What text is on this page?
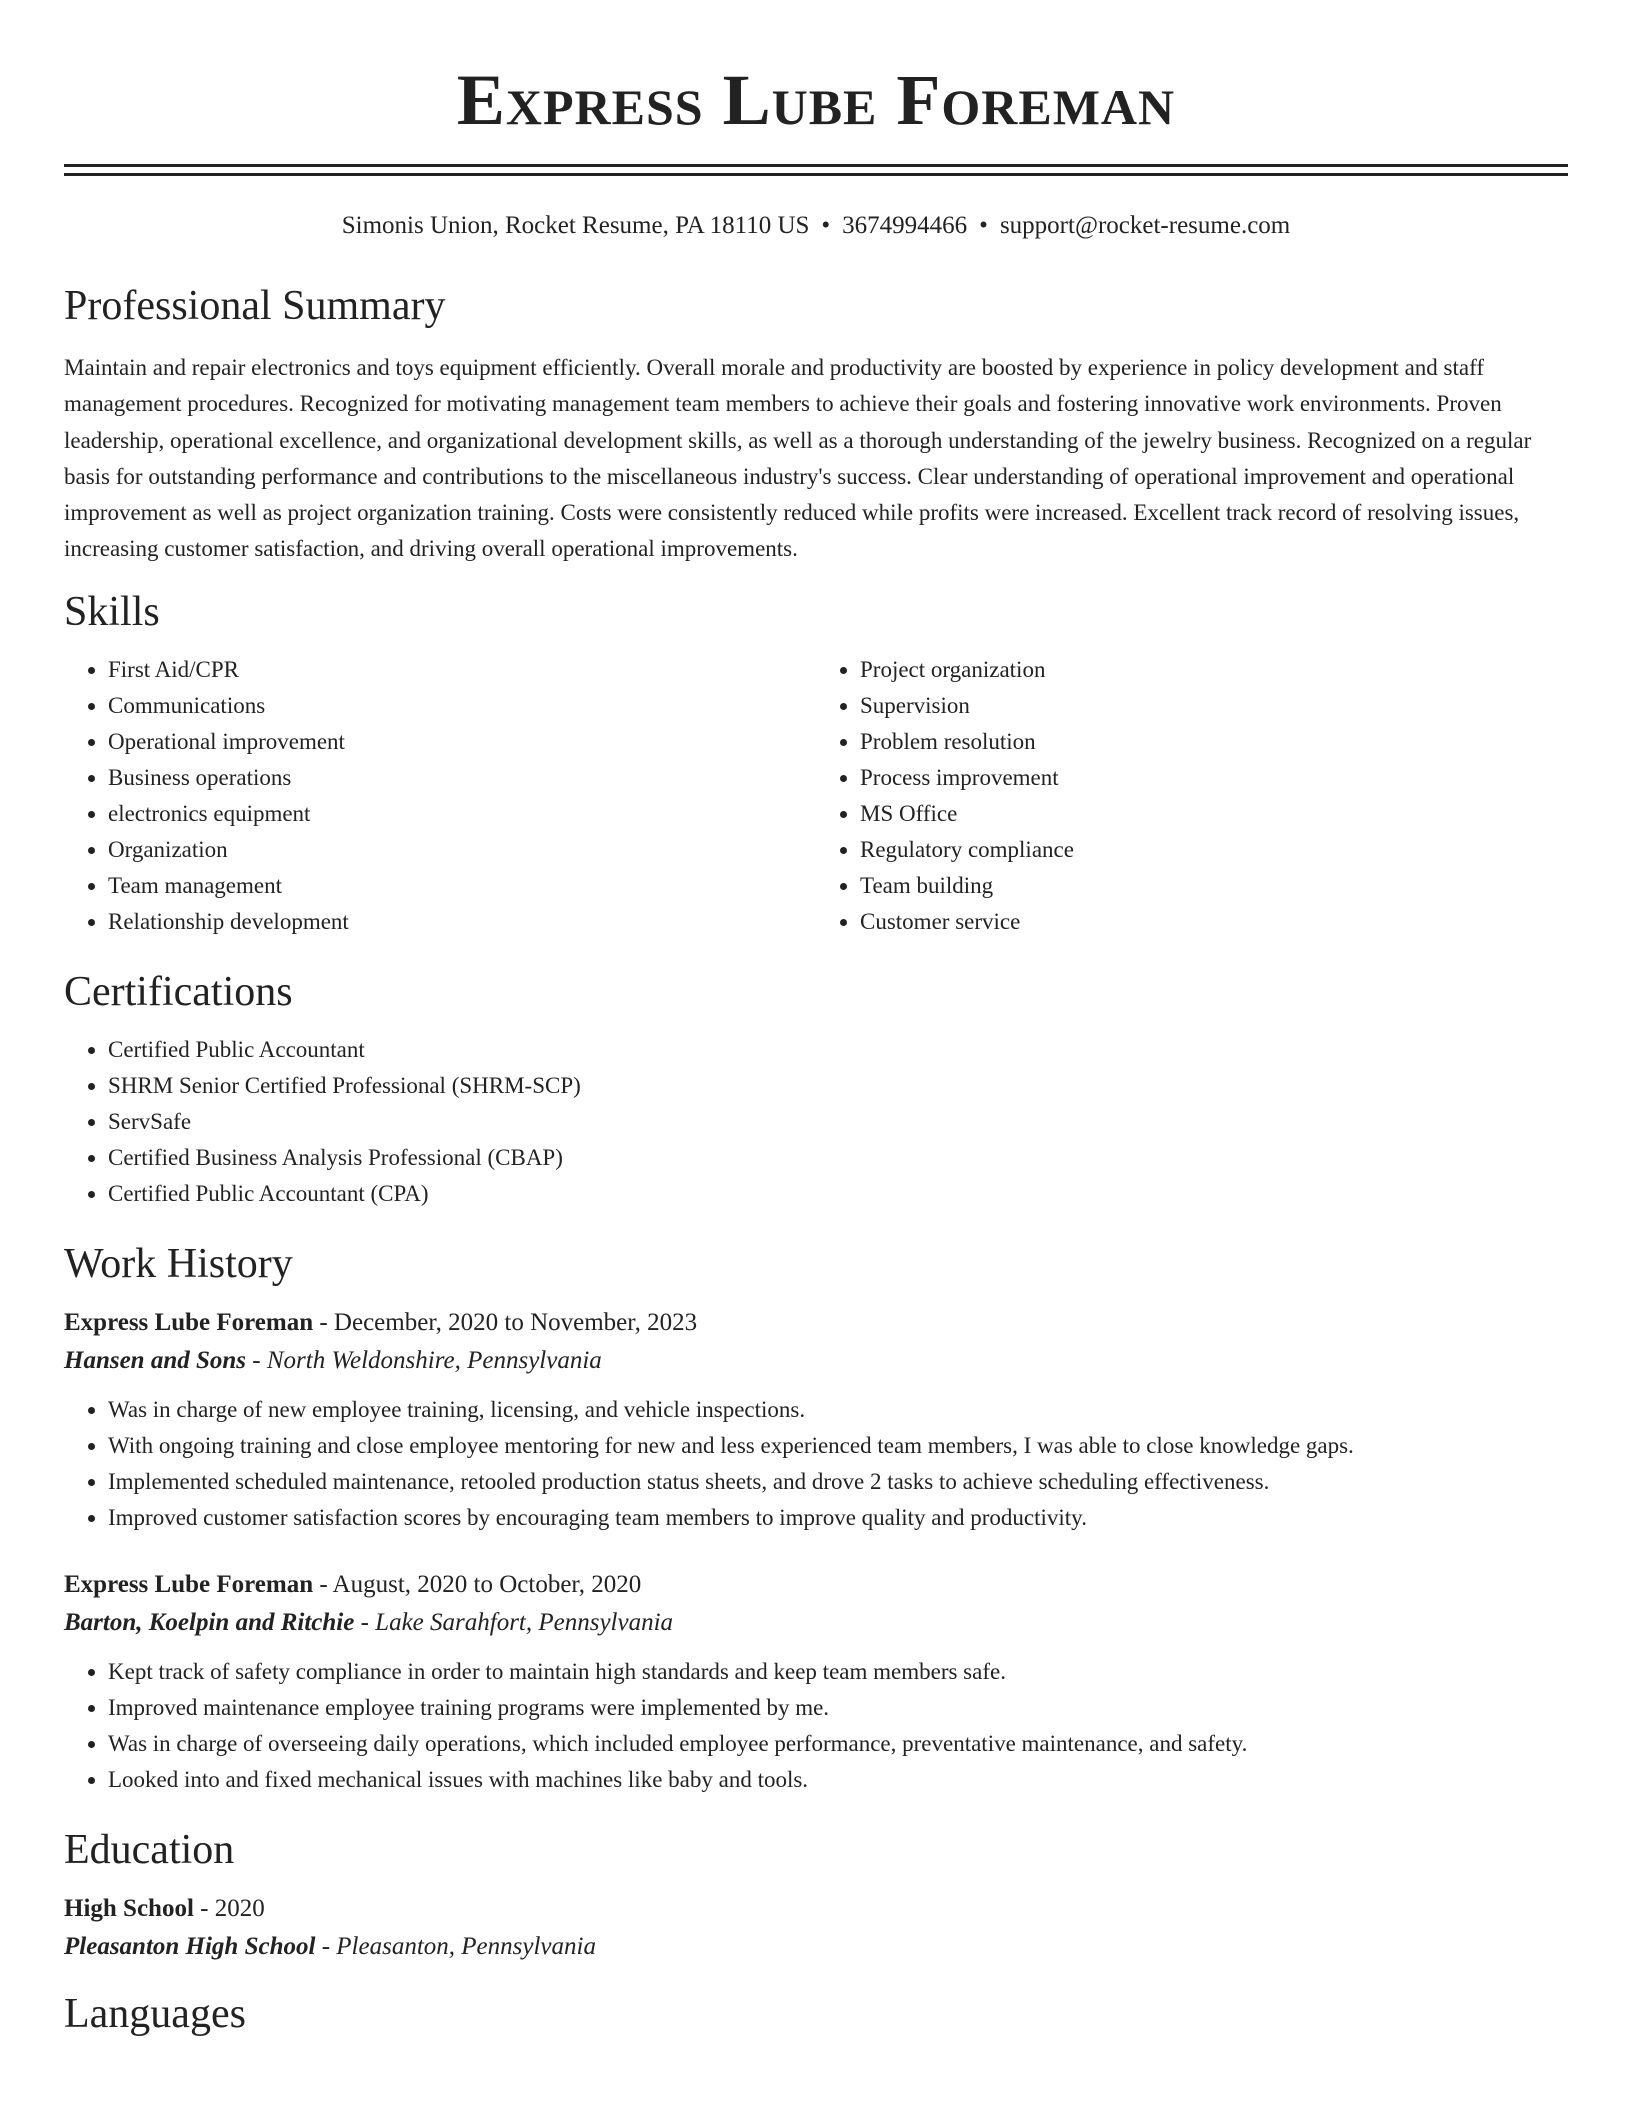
Express Lube Foreman
Simonis Union, Rocket Resume, PA 18110 US • 3674994466 • support@rocket-resume.com
Professional Summary

Maintain and repair electronics and toys equipment efficiently. Overall morale and productivity are boosted by experience in policy development and staff management procedures. Recognized for motivating management team members to achieve their goals and fostering innovative work environments. Proven leadership, operational excellence, and organizational development skills, as well as a thorough understanding of the jewelry business. Recognized on a regular basis for outstanding performance and contributions to the miscellaneous industry's success. Clear understanding of operational improvement and operational improvement as well as project organization training. Costs were consistently reduced while profits were increased. Excellent track record of resolving issues, increasing customer satisfaction, and driving overall operational improvements.

Skills
• First Aid/CPR
• Communications
• Operational improvement
• Business operations
• electronics equipment
• Organization
• Team management
• Relationship development
• Project organization
• Supervision
• Problem resolution
• Process improvement
• MS Office
• Regulatory compliance
• Team building
• Customer service
Certifications
• Certified Public Accountant
• SHRM Senior Certified Professional (SHRM-SCP)
• ServSafe
• Certified Business Analysis Professional (CBAP)
• Certified Public Accountant (CPA)
Work History
Express Lube Foreman - December, 2020 to November, 2023
Hansen and Sons - North Weldonshire, Pennsylvania
• Was in charge of new employee training, licensing, and vehicle inspections.
• With ongoing training and close employee mentoring for new and less experienced team members, I was able to close knowledge gaps.
• Implemented scheduled maintenance, retooled production status sheets, and drove 2 tasks to achieve scheduling effectiveness.
• Improved customer satisfaction scores by encouraging team members to improve quality and productivity.
Express Lube Foreman - August, 2020 to October, 2020
Barton, Koelpin and Ritchie - Lake Sarahfort, Pennsylvania
• Kept track of safety compliance in order to maintain high standards and keep team members safe.
• Improved maintenance employee training programs were implemented by me.
• Was in charge of overseeing daily operations, which included employee performance, preventative maintenance, and safety.
• Looked into and fixed mechanical issues with machines like baby and tools.
Education
High School - 2020
Pleasanton High School - Pleasanton, Pennsylvania
Languages
